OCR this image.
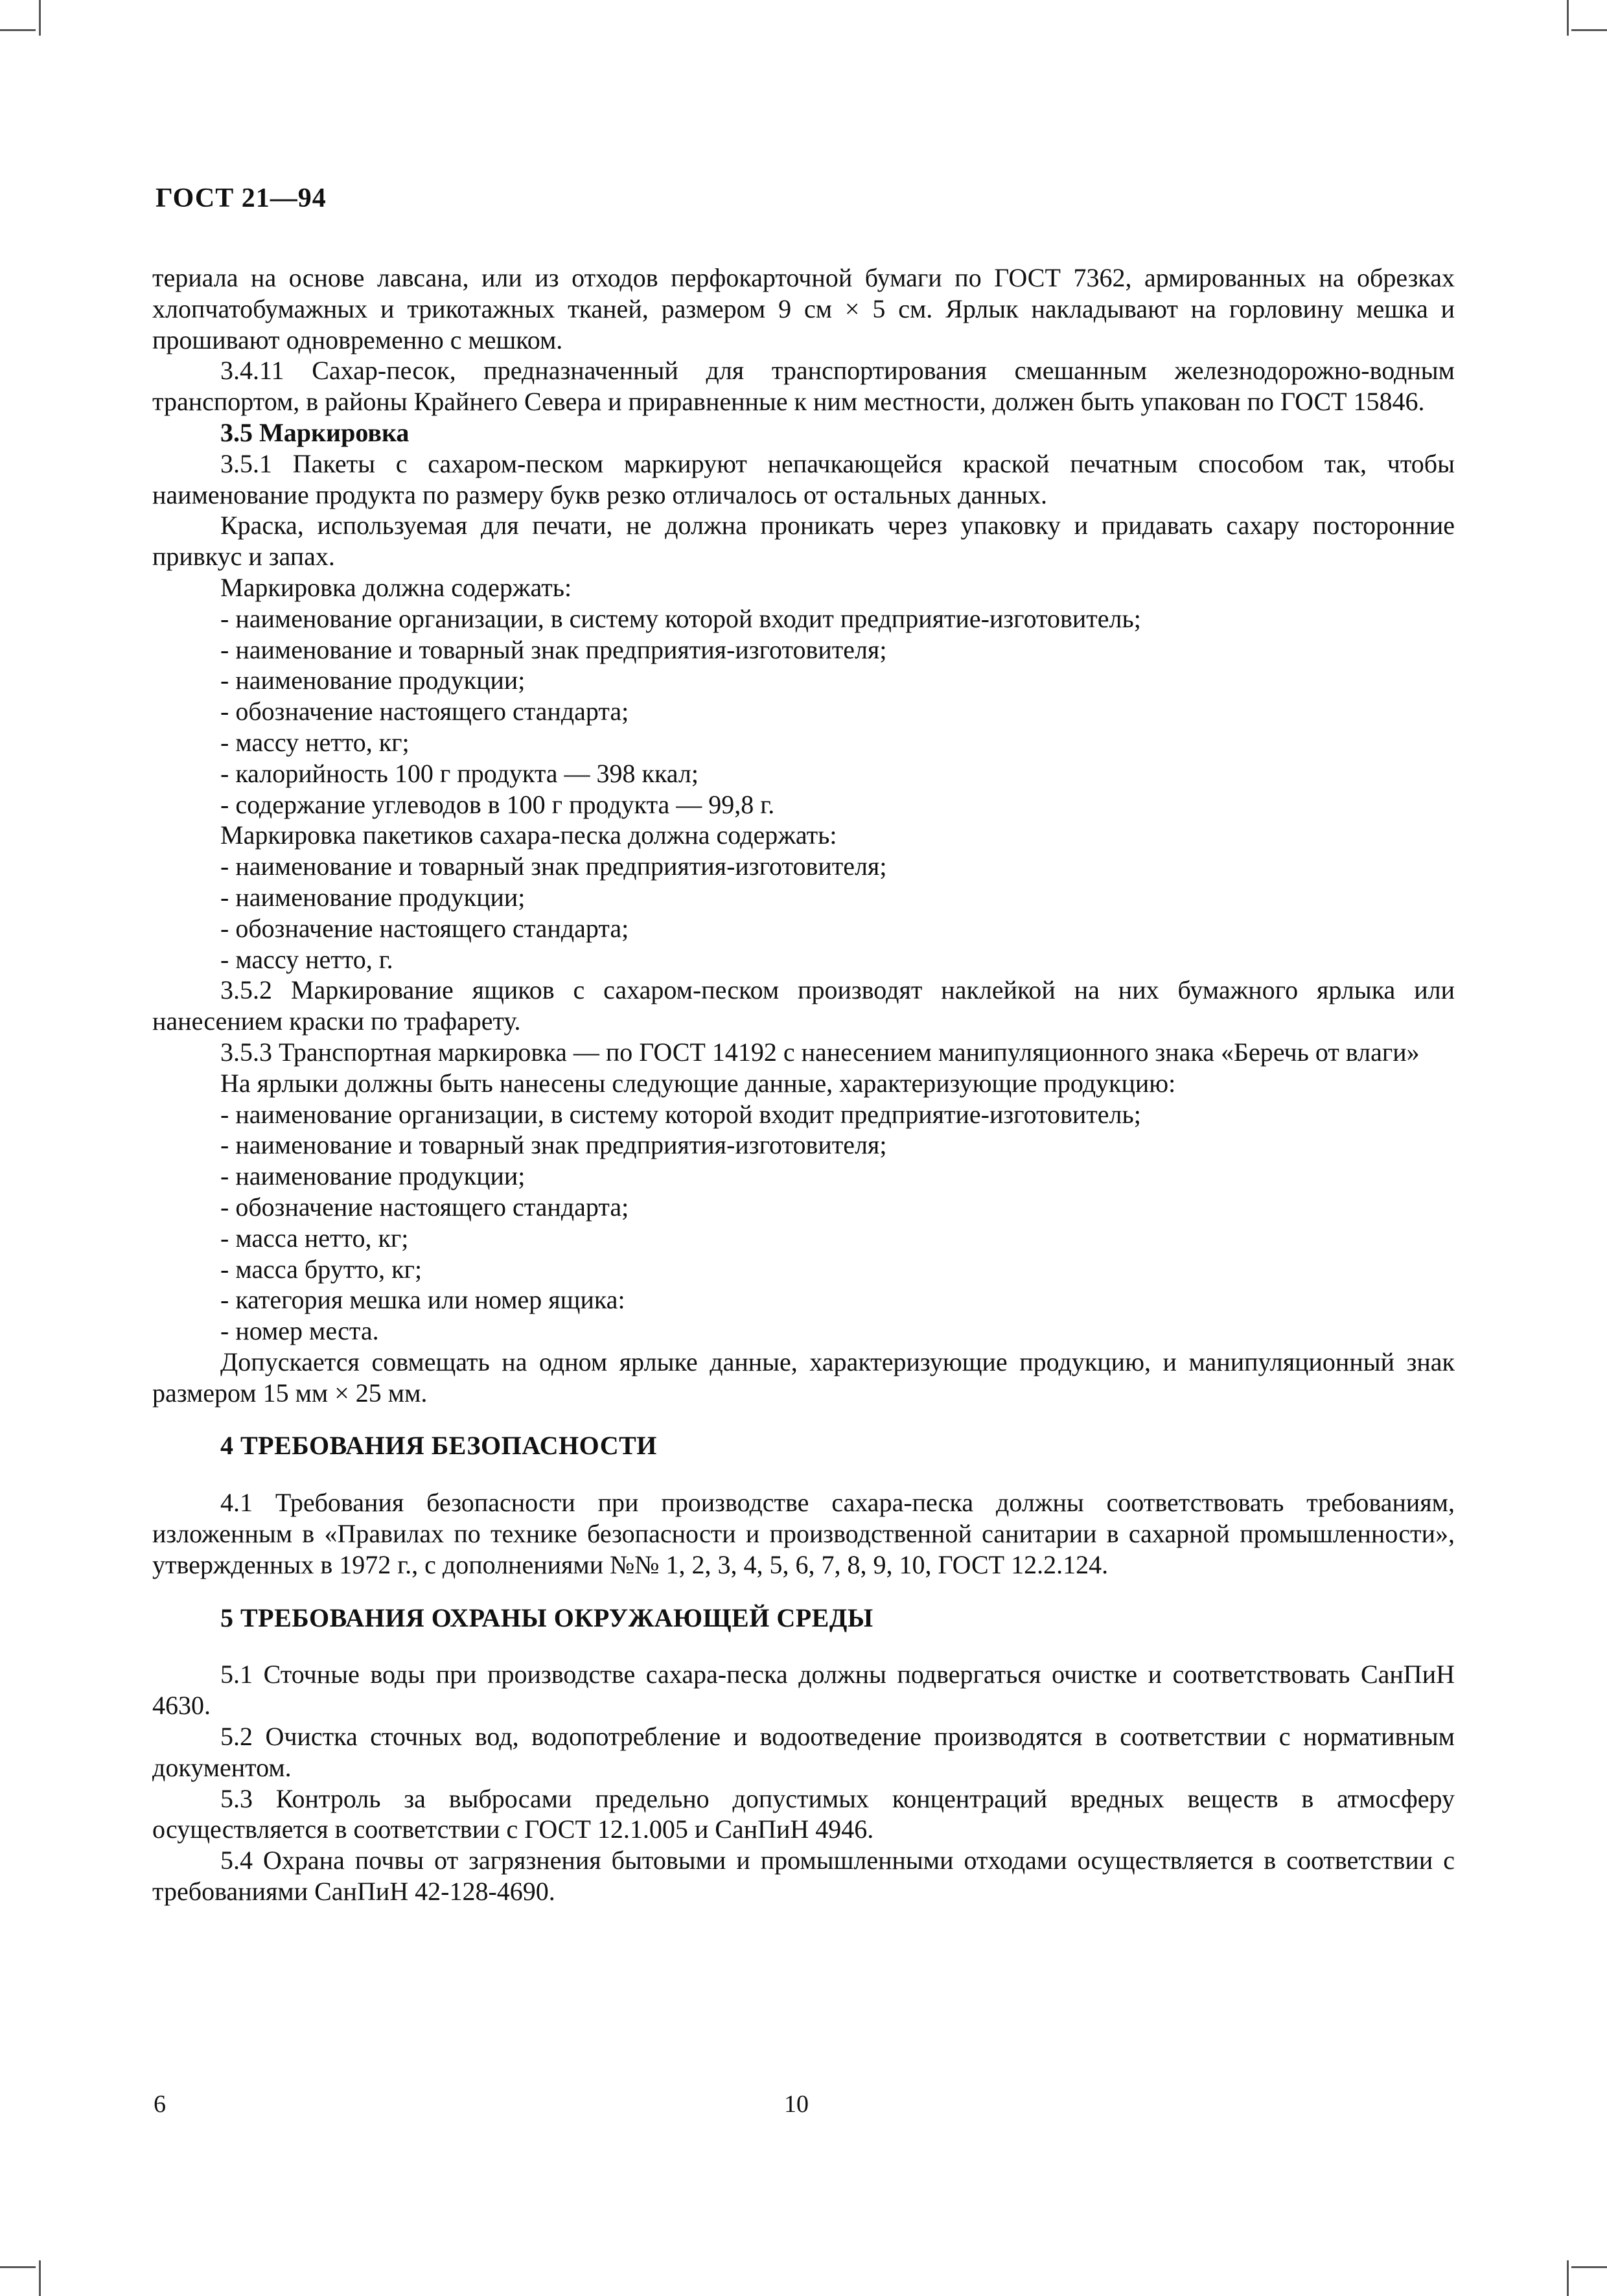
ГОСТ 21—94

териала на основе лавсана, или из отходов перфокарточной бумаги по ГОСТ 7362, армированных на обрезках хлопчатобумажных и трикотажных тканей, размером 9 см × 5 см. Ярлык накладывают на горловину мешка и прошивают одновременно с мешком.

3.4.11 Сахар-песок, предназначенный для транспортирования смешанным железнодорожно-водным транспортом, в районы Крайнего Севера и приравненные к ним местности, должен быть упакован по ГОСТ 15846.

3.5 Маркировка

3.5.1 Пакеты с сахаром-песком маркируют непачкающейся краской печатным способом так, чтобы наименование продукта по размеру букв резко отличалось от остальных данных.

Краска, используемая для печати, не должна проникать через упаковку и придавать сахару посторонние привкус и запах.

Маркировка должна содержать:

- наименование организации, в систему которой входит предприятие-изготовитель;

- наименование и товарный знак предприятия-изготовителя;

- наименование продукции;

- обозначение настоящего стандарта;

- массу нетто, кг;

- калорийность 100 г продукта — 398 ккал;

- содержание углеводов в 100 г продукта — 99,8 г.

Маркировка пакетиков сахара-песка должна содержать:

- наименование и товарный знак предприятия-изготовителя;

- наименование продукции;

- обозначение настоящего стандарта;

- массу нетто, г.

3.5.2 Маркирование ящиков с сахаром-песком производят наклейкой на них бумажного ярлыка или нанесением краски по трафарету.

3.5.3 Транспортная маркировка — по ГОСТ 14192 с нанесением манипуляционного знака «Беречь от влаги»

На ярлыки должны быть нанесены следующие данные, характеризующие продукцию:

- наименование организации, в систему которой входит предприятие-изготовитель;

- наименование и товарный знак предприятия-изготовителя;

- наименование продукции;

- обозначение настоящего стандарта;

- масса нетто, кг;

- масса брутто, кг;

- категория мешка или номер ящика:

- номер места.

Допускается совмещать на одном ярлыке данные, характеризующие продукцию, и манипуляционный знак размером 15 мм × 25 мм.

4 ТРЕБОВАНИЯ БЕЗОПАСНОСТИ

4.1 Требования безопасности при производстве сахара-песка должны соответствовать требованиям, изложенным в «Правилах по технике безопасности и производственной санитарии в сахарной промышленности», утвержденных в 1972 г., с дополнениями №№ 1, 2, 3, 4, 5, 6, 7, 8, 9, 10, ГОСТ 12.2.124.

5 ТРЕБОВАНИЯ ОХРАНЫ ОКРУЖАЮЩЕЙ СРЕДЫ

5.1 Сточные воды при производстве сахара-песка должны подвергаться очистке и соответствовать СанПиН 4630.

5.2 Очистка сточных вод, водопотребление и водоотведение производятся в соответствии с нормативным документом.

5.3 Контроль за выбросами предельно допустимых концентраций вредных веществ в атмосферу осуществляется в соответствии с ГОСТ 12.1.005 и СанПиН 4946.

5.4 Охрана почвы от загрязнения бытовыми и промышленными отходами осуществляется в соответствии с требованиями СанПиН 42-128-4690.

6	10
